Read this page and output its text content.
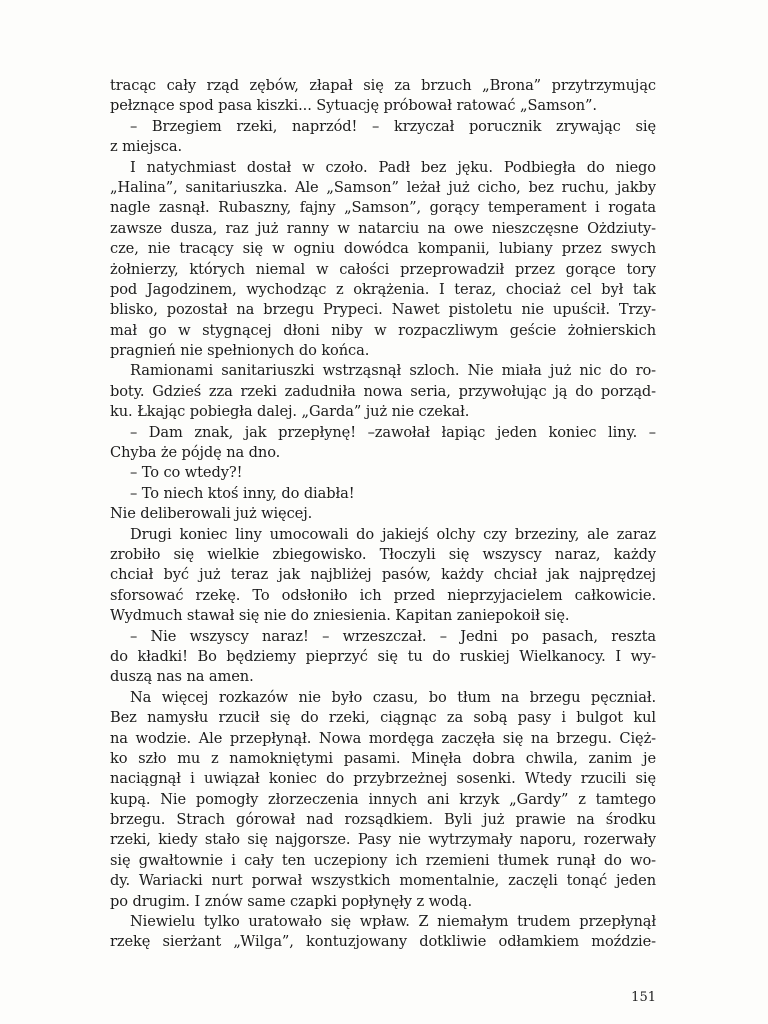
tracąc cały rząd zębów, złapał się za brzuch „Brona” przytrzymując
pełznące spod pasa kiszki... Sytuację próbował ratować „Samson”.
– Brzegiem rzeki, naprzód! – krzyczał porucznik zrywając się
z miejsca.
I natychmiast dostał w czoło. Padł bez jęku. Podbiegła do niego
„Halina”, sanitariuszka. Ale „Samson” leżał już cicho, bez ruchu, jakby
nagle zasnął. Rubaszny, fajny „Samson”, gorący temperament i rogata
zawsze dusza, raz już ranny w natarciu na owe nieszczęsne Ożdziuty-
cze, nie tracący się w ogniu dowódca kompanii, lubiany przez swych
żołnierzy, których niemal w całości przeprowadził przez gorące tory
pod Jagodzinem, wychodząc z okrążenia. I teraz, chociaż cel był tak
blisko, pozostał na brzegu Prypeci. Nawet pistoletu nie upuścił. Trzy-
mał go w stygnącej dłoni niby w rozpaczliwym geście żołnierskich
pragnień nie spełnionych do końca.
Ramionami sanitariuszki wstrząsnął szloch. Nie miała już nic do ro-
boty. Gdzieś zza rzeki zadudniła nowa seria, przywołując ją do porząd-
ku. Łkając pobiegła dalej. „Garda” już nie czekał.
– Dam znak, jak przepłynę! –zawołał łapiąc jeden koniec liny. –
Chyba że pójdę na dno.
– To co wtedy?!
– To niech ktoś inny, do diabła!
Nie deliberowali już więcej.
Drugi koniec liny umocowali do jakiejś olchy czy brzeziny, ale zaraz
zrobiło się wielkie zbiegowisko. Tłoczyli się wszyscy naraz, każdy
chciał być już teraz jak najbliżej pasów, każdy chciał jak najprędzej
sforsować rzekę. To odsłoniło ich przed nieprzyjacielem całkowicie.
Wydmuch stawał się nie do zniesienia. Kapitan zaniepokoił się.
– Nie wszyscy naraz! – wrzeszczał. – Jedni po pasach, reszta
do kładki! Bo będziemy pieprzyć się tu do ruskiej Wielkanocy. I wy-
duszą nas na amen.
Na więcej rozkazów nie było czasu, bo tłum na brzegu pęczniał.
Bez namysłu rzucił się do rzeki, ciągnąc za sobą pasy i bulgot kul
na wodzie. Ale przepłynął. Nowa mordęga zaczęła się na brzegu. Cięż-
ko szło mu z namokniętymi pasami. Minęła dobra chwila, zanim je
naciągnął i uwiązał koniec do przybrzeżnej sosenki. Wtedy rzucili się
kupą. Nie pomogły złorzeczenia innych ani krzyk „Gardy” z tamtego
brzegu. Strach górował nad rozsądkiem. Byli już prawie na środku
rzeki, kiedy stało się najgorsze. Pasy nie wytrzymały naporu, rozerwały
się gwałtownie i cały ten uczepiony ich rzemieni tłumek runął do wo-
dy. Wariacki nurt porwał wszystkich momentalnie, zaczęli tonąć jeden
po drugim. I znów same czapki popłynęły z wodą.
Niewielu tylko uratowało się wpław. Z niemałym trudem przepłynął
rzekę sierżant „Wilga”, kontuzjowany dotkliwie odłamkiem moździe-
151
